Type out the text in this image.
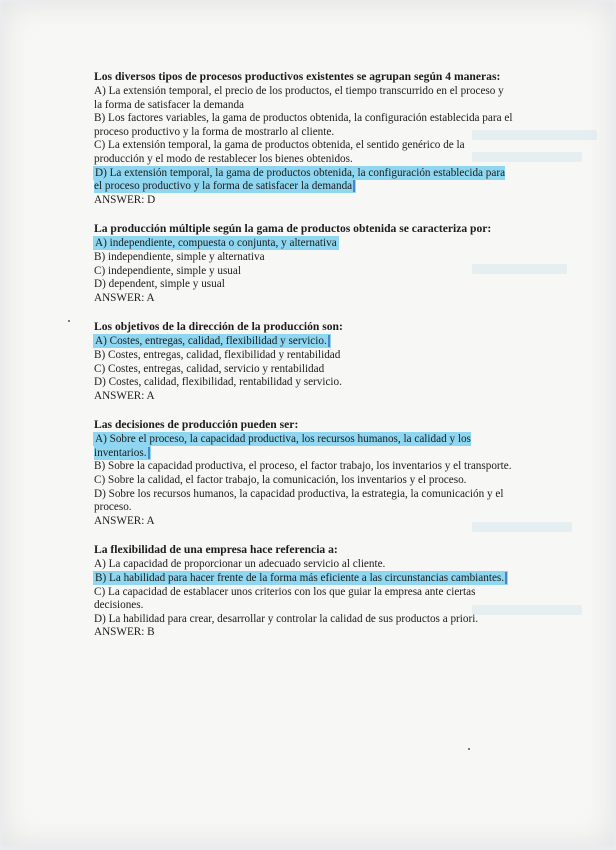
Los diversos tipos de procesos productivos existentes se agrupan según 4 maneras:
A) La extensión temporal, el precio de los productos, el tiempo transcurrido en el proceso y la forma de satisfacer la demanda
B) Los factores variables, la gama de productos obtenida, la configuración establecida para el proceso productivo y la forma de mostrarlo al cliente.
C) La extensión temporal, la gama de productos obtenida, el sentido genérico de la producción y el modo de restablecer los bienes obtenidos.
D) La extensión temporal, la gama de productos obtenida, la configuración establecida para el proceso productivo y la forma de satisfacer la demanda
ANSWER: D
La producción múltiple según la gama de productos obtenida se caracteriza por:
A) independiente, compuesta o conjunta, y alternativa
B) independiente, simple y alternativa
C) independiente, simple y usual
D) dependent, simple y usual
ANSWER: A
Los objetivos de la dirección de la producción son:
A) Costes, entregas, calidad, flexibilidad y servicio.
B) Costes, entregas, calidad, flexibilidad y rentabilidad
C) Costes, entregas, calidad, servicio y rentabilidad
D) Costes, calidad, flexibilidad, rentabilidad y servicio.
ANSWER: A
Las decisiones de producción pueden ser:
A) Sobre el proceso, la capacidad productiva, los recursos humanos, la calidad y los inventarios.
B) Sobre la capacidad productiva, el proceso, el factor trabajo, los inventarios y el transporte.
C) Sobre la calidad, el factor trabajo, la comunicación, los inventarios y el proceso.
D) Sobre los recursos humanos, la capacidad productiva, la estrategia, la comunicación y el proceso.
ANSWER: A
La flexibilidad de una empresa hace referencia a:
A) La capacidad de proporcionar un adecuado servicio al cliente.
B) La habilidad para hacer frente de la forma más eficiente a las circunstancias cambiantes.
C) La capacidad de establacer unos criterios con los que guiar la empresa ante ciertas decisiones.
D) La habilidad para crear, desarrollar y controlar la calidad de sus productos a priori.
ANSWER: B
